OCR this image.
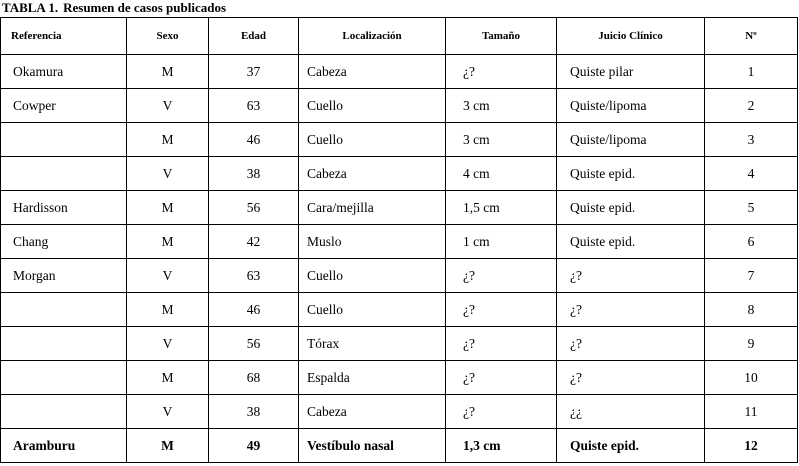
TABLA 1. Resumen de casos publicados
Referencia	Sexo	Edad	Localización	Tamaño	Juicio Clínico	Nº
Okamura	M	37	Cabeza	¿?	Quiste pilar	1
Cowper	V	63	Cuello	3 cm	Quiste/lipoma	2
	M	46	Cuello	3 cm	Quiste/lipoma	3
	V	38	Cabeza	4 cm	Quiste epid.	4
Hardisson	M	56	Cara/mejilla	1,5 cm	Quiste epid.	5
Chang	M	42	Muslo	1 cm	Quiste epid.	6
Morgan	V	63	Cuello	¿?	¿?	7
	M	46	Cuello	¿?	¿?	8
	V	56	Tórax	¿?	¿?	9
	M	68	Espalda	¿?	¿?	10
	V	38	Cabeza	¿?	¿¿	11
Aramburu	M	49	Vestíbulo nasal	1,3 cm	Quiste epid.	12
